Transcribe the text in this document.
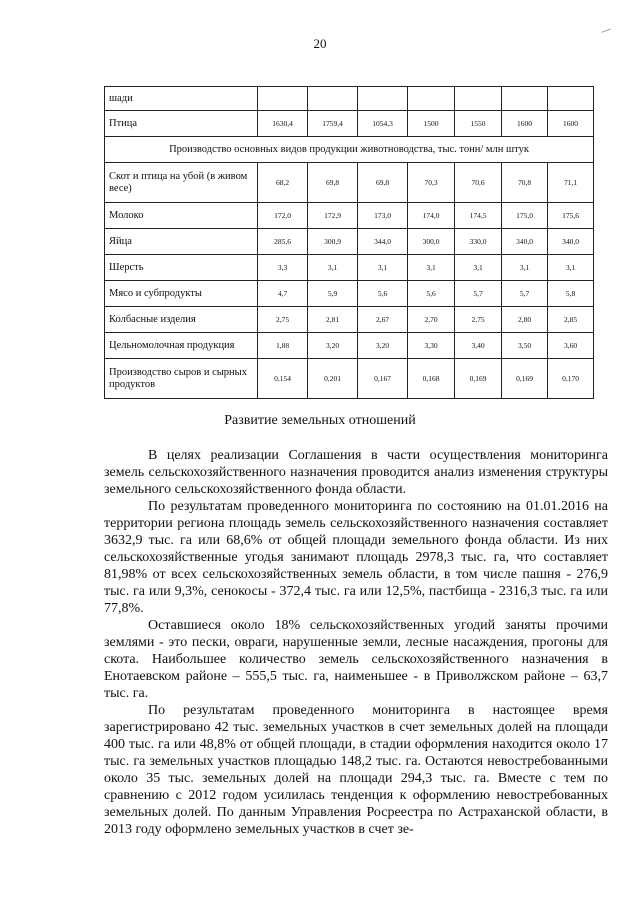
20
шади							
Птица	1630,4	1759,4	1054,3	1500	1550	1600	1600
Производство основных видов продукции животноводства, тыс. тонн/ млн штук							
Скот и птица на убой (в живом весе)	68,2	69,8	69,8	70,3	70,6	70,8	71,1
Молоко	172,0	172,9	173,0	174,0	174,5	175,0	175,6
Яйца	285,6	300,9	344,0	300,0	330,0	340,0	340,0
Шерсть	3,3	3,1	3,1	3,1	3,1	3,1	3,1
Мясо и субпродукты	4,7	5,9	5,6	5,6	5,7	5,7	5,8
Колбасные изделия	2,75	2,81	2,67	2,70	2,75	2,80	2,85
Цельномолочная продукция	1,88	3,20	3,20	3,30	3,40	3,50	3,60
Производство сыров и сырных продуктов	0,154	0,201	0,167	0,168	0,169	0,169	0,170
Развитие земельных отношений

В целях реализации Соглашения в части осуществления мониторинга земель сельскохозяйственного назначения проводится анализ изменения структуры земельного сельскохозяйственного фонда области.

По результатам проведенного мониторинга по состоянию на 01.01.2016 на территории региона площадь земель сельскохозяйственного назначения составляет 3632,9 тыс. га или 68,6% от общей площади земельного фонда области. Из них сельскохозяйственные угодья занимают площадь 2978,3 тыс. га, что составляет 81,98% от всех сельскохозяйственных земель области, в том числе пашня - 276,9 тыс. га или 9,3%, сенокосы - 372,4 тыс. га или 12,5%, пастбища - 2316,3 тыс. га или 77,8%.

Оставшиеся около 18% сельскохозяйственных угодий заняты прочими землями - это пески, овраги, нарушенные земли, лесные насаждения, прогоны для скота. Наибольшее количество земель сельскохозяйственного назначения в Енотаевском районе – 555,5 тыс. га, наименьшее - в Приволжском районе – 63,7 тыс. га.

По результатам проведенного мониторинга в настоящее время зарегистрировано 42 тыс. земельных участков в счет земельных долей на площади 400 тыс. га или 48,8% от общей площади, в стадии оформления находится около 17 тыс. га земельных участков площадью 148,2 тыс. га. Остаются невостребованными около 35 тыс. земельных долей на площади 294,3 тыс. га. Вместе с тем по сравнению с 2012 годом усилилась тенденция к оформлению невостребованных земельных долей. По данным Управления Росреестра по Астраханской области, в 2013 году оформлено земельных участков в счет зе-
